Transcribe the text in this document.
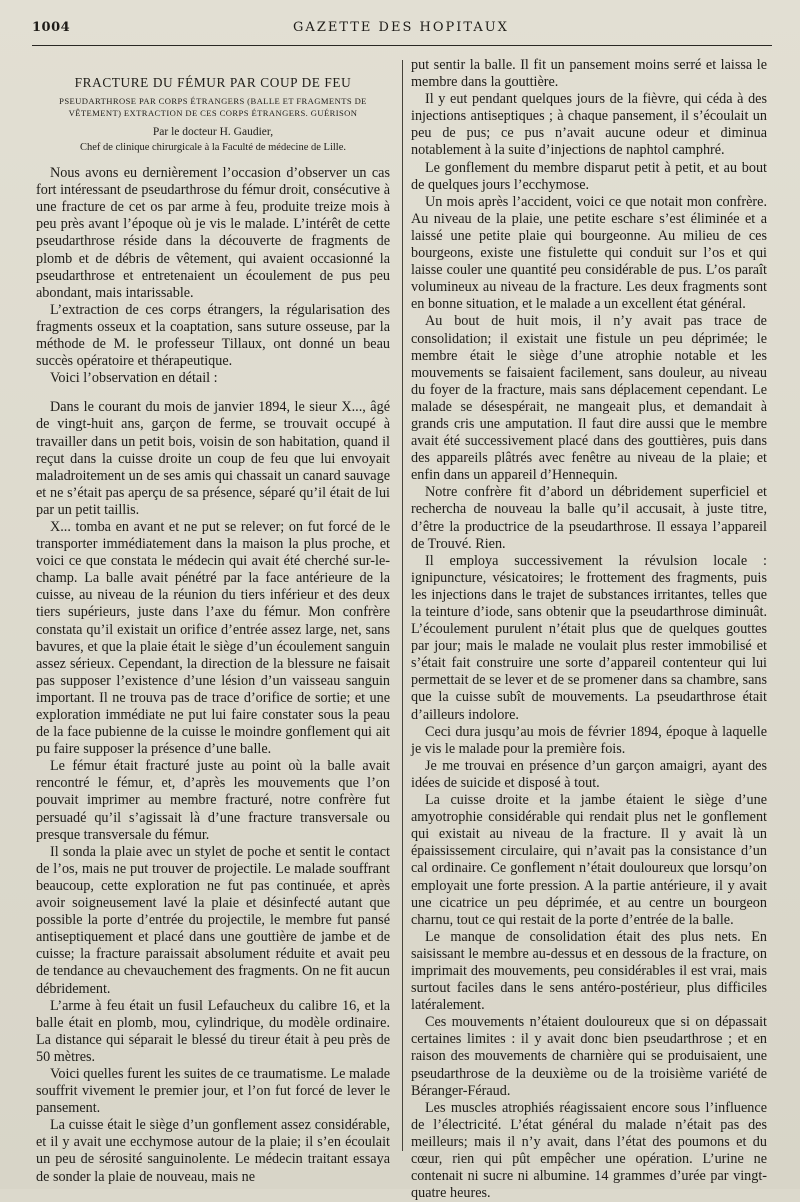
1004	GAZETTE DES HOPITAUX
FRACTURE DU FÉMUR PAR COUP DE FEU
PSEUDARTHROSE PAR CORPS ÉTRANGERS (BALLE ET FRAGMENTS DE VÊTEMENT) EXTRACTION DE CES CORPS ÉTRANGERS. GUÉRISON
Par le docteur H. Gaudier,
Chef de clinique chirurgicale à la Faculté de médecine de Lille.

Nous avons eu dernièrement l’occasion d’observer un cas fort intéressant de pseudarthrose du fémur droit, consécutive à une fracture de cet os par arme à feu, produite treize mois à peu près avant l’époque où je vis le malade. L’intérêt de cette pseudarthrose réside dans la découverte de fragments de plomb et de débris de vêtement, qui avaient occasionné la pseudarthrose et entretenaient un écoulement de pus peu abondant, mais intarissable.

L’extraction de ces corps étrangers, la régularisation des fragments osseux et la coaptation, sans suture osseuse, par la méthode de M. le professeur Tillaux, ont donné un beau succès opératoire et thérapeutique.

Voici l’observation en détail :

Dans le courant du mois de janvier 1894, le sieur X..., âgé de vingt-huit ans, garçon de ferme, se trouvait occupé à travailler dans un petit bois, voisin de son habitation, quand il reçut dans la cuisse droite un coup de feu que lui envoyait maladroitement un de ses amis qui chassait un canard sauvage et ne s’était pas aperçu de sa présence, séparé qu’il était de lui par un petit taillis.

X... tomba en avant et ne put se relever; on fut forcé de le transporter immédiatement dans la maison la plus proche, et voici ce que constata le médecin qui avait été cherché sur-le-champ. La balle avait pénétré par la face antérieure de la cuisse, au niveau de la réunion du tiers inférieur et des deux tiers supérieurs, juste dans l’axe du fémur. Mon confrère constata qu’il existait un orifice d’entrée assez large, net, sans bavures, et que la plaie était le siège d’un écoulement sanguin assez sérieux. Cependant, la direction de la blessure ne faisait pas supposer l’existence d’une lésion d’un vaisseau sanguin important. Il ne trouva pas de trace d’orifice de sortie; et une exploration immédiate ne put lui faire constater sous la peau de la face pubienne de la cuisse le moindre gonflement qui ait pu faire supposer la présence d’une balle.

Le fémur était fracturé juste au point où la balle avait rencontré le fémur, et, d’après les mouvements que l’on pouvait imprimer au membre fracturé, notre confrère fut persuadé qu’il s’agissait là d’une fracture transversale ou presque transversale du fémur.

Il sonda la plaie avec un stylet de poche et sentit le contact de l’os, mais ne put trouver de projectile. Le malade souffrant beaucoup, cette exploration ne fut pas continuée, et après avoir soigneusement lavé la plaie et désinfecté autant que possible la porte d’entrée du projectile, le membre fut pansé antiseptiquement et placé dans une gouttière de jambe et de cuisse; la fracture paraissait absolument réduite et avait peu de tendance au chevauchement des fragments. On ne fit aucun débridement.

L’arme à feu était un fusil Lefaucheux du calibre 16, et la balle était en plomb, mou, cylindrique, du modèle ordinaire. La distance qui séparait le blessé du tireur était à peu près de 50 mètres.

Voici quelles furent les suites de ce traumatisme. Le malade souffrit vivement le premier jour, et l’on fut forcé de lever le pansement.

La cuisse était le siège d’un gonflement assez considérable, et il y avait une ecchymose autour de la plaie; il s’en écoulait un peu de sérosité sanguinolente. Le médecin traitant essaya de sonder la plaie de nouveau, mais ne

put sentir la balle. Il fit un pansement moins serré et laissa le membre dans la gouttière.

Il y eut pendant quelques jours de la fièvre, qui céda à des injections antiseptiques ; à chaque pansement, il s’écoulait un peu de pus; ce pus n’avait aucune odeur et diminua notablement à la suite d’injections de naphtol camphré.

Le gonflement du membre disparut petit à petit, et au bout de quelques jours l’ecchymose.

Un mois après l’accident, voici ce que notait mon confrère. Au niveau de la plaie, une petite eschare s’est éliminée et a laissé une petite plaie qui bourgeonne. Au milieu de ces bourgeons, existe une fistulette qui conduit sur l’os et qui laisse couler une quantité peu considérable de pus. L’os paraît volumineux au niveau de la fracture. Les deux fragments sont en bonne situation, et le malade a un excellent état général.

Au bout de huit mois, il n’y avait pas trace de consolidation; il existait une fistule un peu déprimée; le membre était le siège d’une atrophie notable et les mouvements se faisaient facilement, sans douleur, au niveau du foyer de la fracture, mais sans déplacement cependant. Le malade se désespérait, ne mangeait plus, et demandait à grands cris une amputation. Il faut dire aussi que le membre avait été successivement placé dans des gouttières, puis dans des appareils plâtrés avec fenêtre au niveau de la plaie; et enfin dans un appareil d’Hennequin.

Notre confrère fit d’abord un débridement superficiel et rechercha de nouveau la balle qu’il accusait, à juste titre, d’être la productrice de la pseudarthrose. Il essaya l’appareil de Trouvé. Rien.

Il employa successivement la révulsion locale : ignipuncture, vésicatoires; le frottement des fragments, puis les injections dans le trajet de substances irritantes, telles que la teinture d’iode, sans obtenir que la pseudarthrose diminuât. L’écoulement purulent n’était plus que de quelques gouttes par jour; mais le malade ne voulait plus rester immobilisé et s’était fait construire une sorte d’appareil contenteur qui lui permettait de se lever et de se promener dans sa chambre, sans que la cuisse subît de mouvements. La pseudarthrose était d’ailleurs indolore.

Ceci dura jusqu’au mois de février 1894, époque à laquelle je vis le malade pour la première fois.

Je me trouvai en présence d’un garçon amaigri, ayant des idées de suicide et disposé à tout.

La cuisse droite et la jambe étaient le siège d’une amyotrophie considérable qui rendait plus net le gonflement qui existait au niveau de la fracture. Il y avait là un épaississement circulaire, qui n’avait pas la consistance d’un cal ordinaire. Ce gonflement n’était douloureux que lorsqu’on employait une forte pression. A la partie antérieure, il y avait une cicatrice un peu déprimée, et au centre un bourgeon charnu, tout ce qui restait de la porte d’entrée de la balle.

Le manque de consolidation était des plus nets. En saisissant le membre au-dessus et en dessous de la fracture, on imprimait des mouvements, peu considérables il est vrai, mais surtout faciles dans le sens antéro-postérieur, plus difficiles latéralement.

Ces mouvements n’étaient douloureux que si on dépassait certaines limites : il y avait donc bien pseudarthrose ; et en raison des mouvements de charnière qui se produisaient, une pseudarthrose de la deuxième ou de la troisième variété de Béranger-Féraud.

Les muscles atrophiés réagissaient encore sous l’influence de l’électricité. L’état général du malade n’était pas des meilleurs; mais il n’y avait, dans l’état des poumons et du cœur, rien qui pût empêcher une opération. L’urine ne contenait ni sucre ni albumine. 14 grammes d’urée par vingt-quatre heures.
